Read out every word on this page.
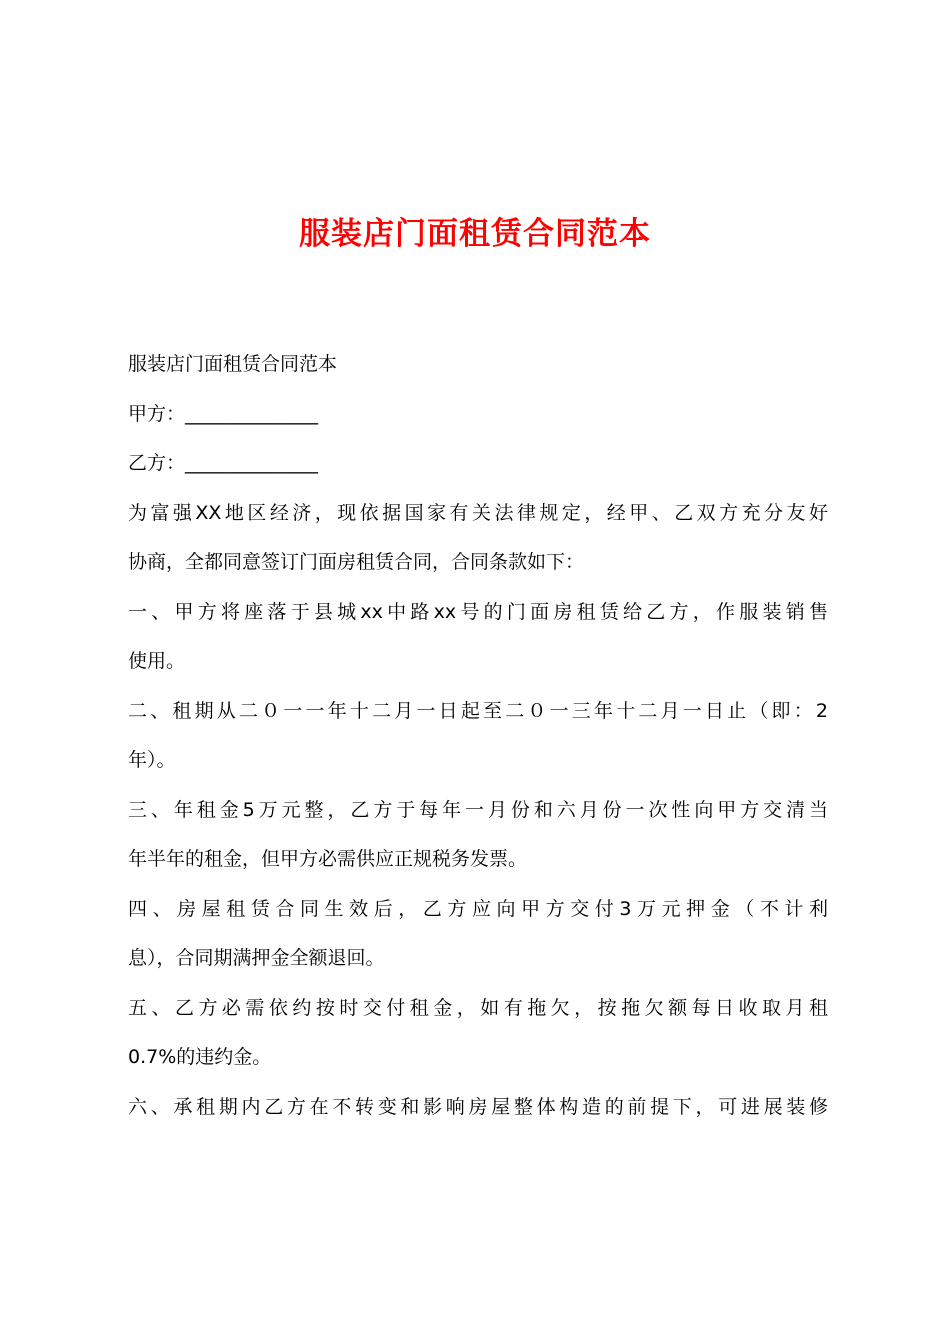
服装店门面租赁合同范本
服装店门面租赁合同范本
甲方：______________
乙方：______________
为富强XX地区经济，现依据国家有关法律规定，经甲、乙双方充分友好
协商，全都同意签订门面房租赁合同，合同条款如下：
一、甲方将座落于县城xx中路xx号的门面房租赁给乙方，作服装销售
使用。
二、租期从二０一一年十二月一日起至二０一三年十二月一日止（即：2
年）。
三、年租金5万元整，乙方于每年一月份和六月份一次性向甲方交清当
年半年的租金，但甲方必需供应正规税务发票。
四、房屋租赁合同生效后，乙方应向甲方交付3万元押金（不计利
息），合同期满押金全额退回。
五、乙方必需依约按时交付租金，如有拖欠，按拖欠额每日收取月租
0.7%的违约金。
六、承租期内乙方在不转变和影响房屋整体构造的前提下，可进展装修
